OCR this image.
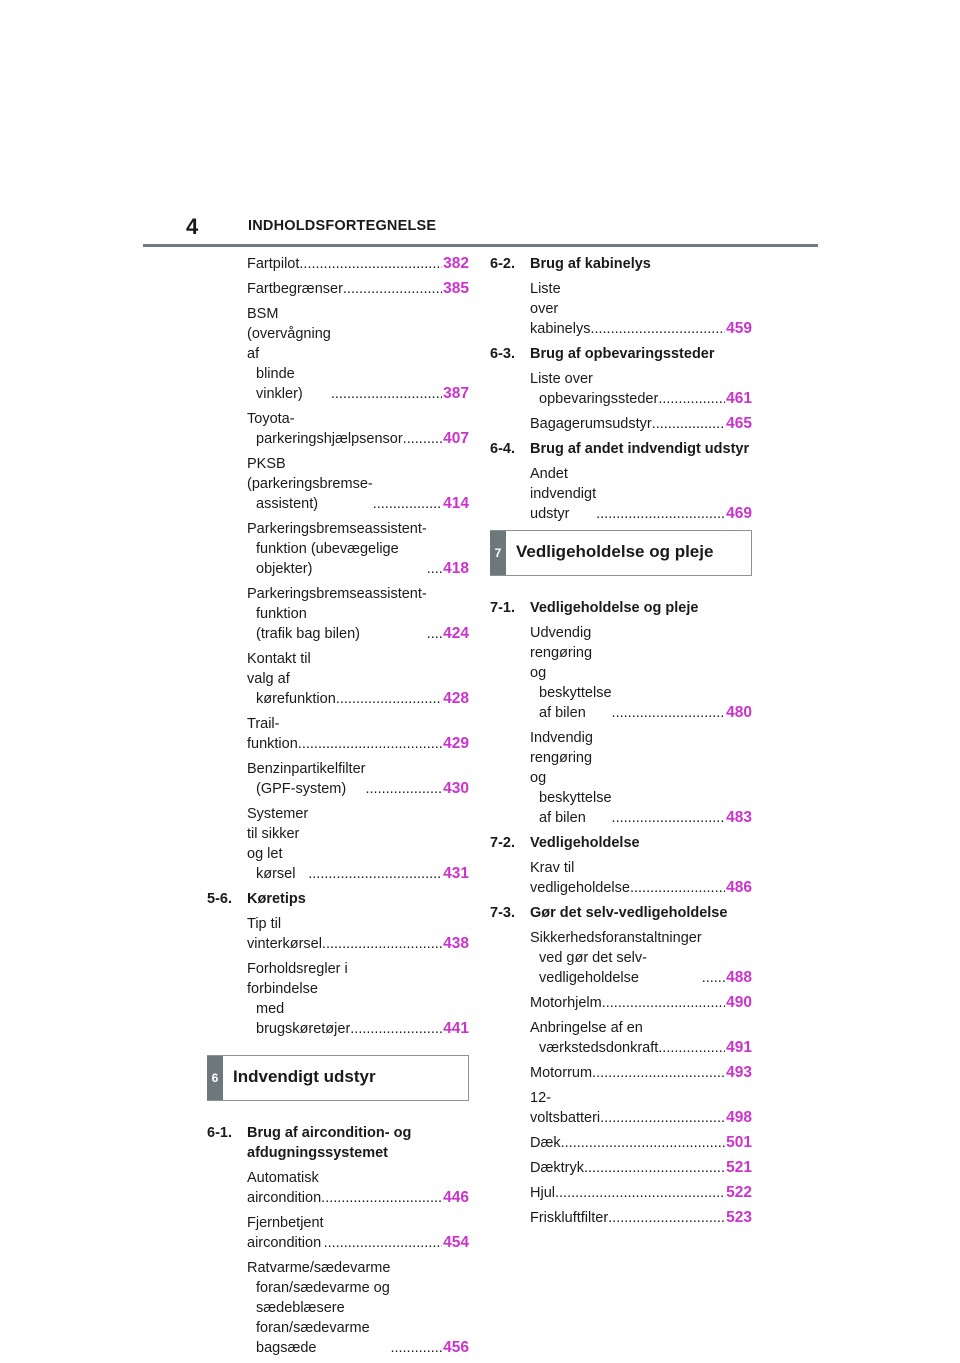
4	INDHOLDSFORTEGNELSE
Fartpilot .....	382
Fartbegrænser .....	385
BSM (overvågning af
blinde vinkler) .....	387
Toyota-
parkeringshjælpsensor .....	407
PKSB (parkeringsbremse-
assistent) .....	414
Parkeringsbremseassistent-
funktion (ubevægelige
objekter) .....	418
Parkeringsbremseassistent-
funktion
(trafik bag bilen) .....	424
Kontakt til valg af
kørefunktion .....	428
Trail-funktion .....	429
Benzinpartikelfilter
(GPF-system) .....	430
Systemer til sikker og let
kørsel .....	431
5-6.	Køretips
Tip til vinterkørsel .....	438
Forholdsregler i forbindelse
med brugskøretøjer .....	441
6 Indvendigt udstyr
6-1.	Brug af aircondition- og afdugningssystemet
Automatisk aircondition .....	446
Fjernbetjent aircondition .....	454
Ratvarme/sædevarme
foran/sædevarme og
sædeblæsere
foran/sædevarme
bagsæde .....	456
6-2.	Brug af kabinelys
Liste over kabinelys .....	459
6-3.	Brug af opbevaringssteder
Liste over
opbevaringssteder .....	461
Bagagerumsudstyr .....	465
6-4.	Brug af andet indvendigt udstyr
Andet indvendigt udstyr .....	469
7 Vedligeholdelse og pleje
7-1.	Vedligeholdelse og pleje
Udvendig rengøring og
beskyttelse af bilen .....	480
Indvendig rengøring og
beskyttelse af bilen .....	483
7-2.	Vedligeholdelse
Krav til vedligeholdelse .....	486
7-3.	Gør det selv-vedligeholdelse
Sikkerhedsforanstaltninger
ved gør det selv-
vedligeholdelse .....	488
Motorhjelm .....	490
Anbringelse af en
værkstedsdonkraft .....	491
Motorrum .....	493
12-voltsbatteri .....	498
Dæk .....	501
Dæktryk .....	521
Hjul .....	522
Friskluftfilter .....	523
